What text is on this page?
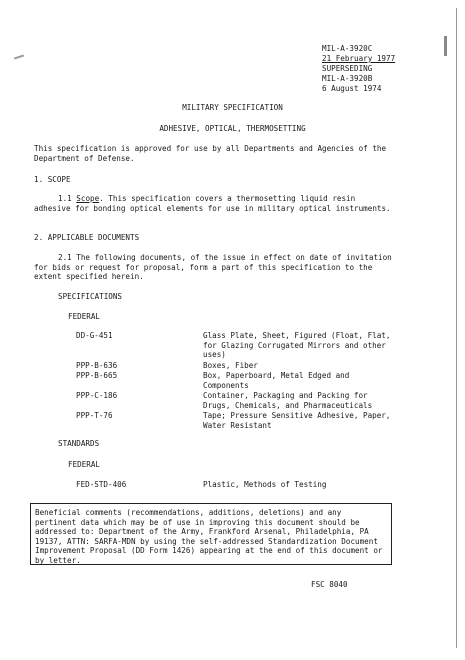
MIL-A-3920C
21 February 1977
SUPERSEDING
MIL-A-3920B
6 August 1974
MILITARY SPECIFICATION
ADHESIVE, OPTICAL, THERMOSETTING
This specification is approved for use by all Departments and Agencies of the Department of Defense.
1. SCOPE
1.1 Scope. This specification covers a thermosetting liquid resin adhesive for bonding optical elements for use in military optical instruments.
2. APPLICABLE DOCUMENTS
2.1 The following documents, of the issue in effect on date of invitation for bids or request for proposal, form a part of this specification to the extent specified herein.
SPECIFICATIONS
FEDERAL
DD-G-451	Glass Plate, Sheet, Figured (Float, Flat, for Glazing Corrugated Mirrors and other uses)
PPP-B-636	Boxes, Fiber
PPP-B-665	Box, Paperboard, Metal Edged and Components
PPP-C-186	Container, Packaging and Packing for Drugs, Chemicals, and Pharmaceuticals
PPP-T-76	Tape; Pressure Sensitive Adhesive, Paper, Water Resistant
STANDARDS
FEDERAL
FED-STD-406	Plastic, Methods of Testing
Beneficial comments (recommendations, additions, deletions) and any pertinent data which may be of use in improving this document should be addressed to: Department of the Army, Frankford Arsenal, Philadelphia, PA 19137, ATTN: SARFA-MDN by using the self-addressed Standardization Document Improvement Proposal (DD Form 1426) appearing at the end of this document or by letter.
FSC 8040
